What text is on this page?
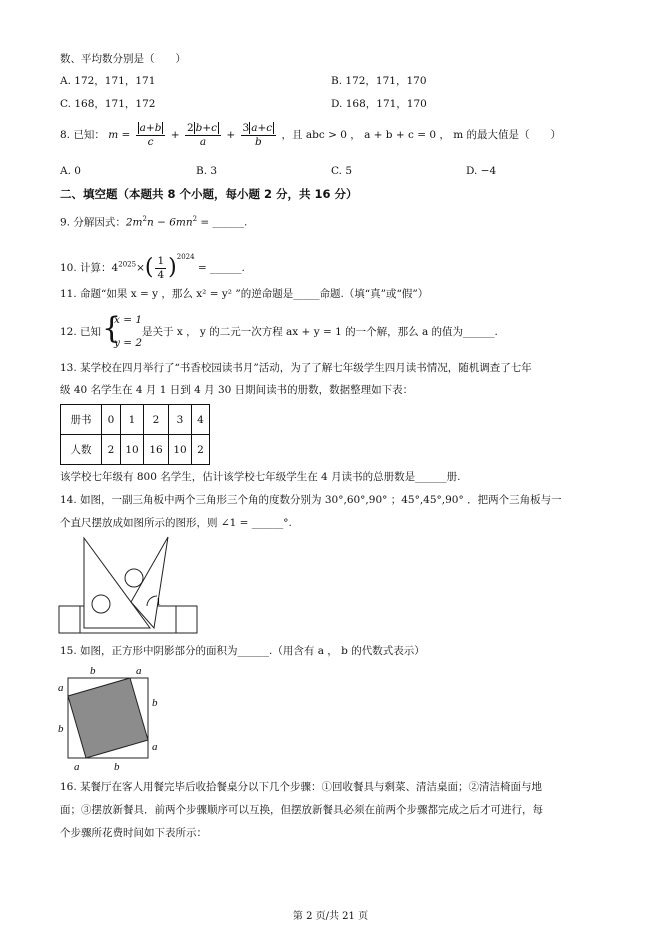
数、平均数分别是（　　）
A. 172，171，171	B. 172，171，170
C. 168，171，172	D. 168，171，170
8. 已知： $m = \frac{a+b}{c} + \frac{2 b+c}{a} + \frac{3 a+c}{b}$ ，且 abc > 0 ， a + b + c = 0 ， m 的最大值是（　　）
A. 0	B. 3	C. 5	D. −4
二、填空题（本题共 8 个小题，每小题 2 分，共 16 分）
9. 分解因式：$2m^2n - 6mn^2$ = ______.
10. 计算：$4^{2025}\times( \frac{1}{4} )^{2024}$ = ______.
11. 命题“如果 x = y ，那么 x² = y² ”的逆命题是_____命题.（填“真”或“假”）
12. 已知 {
x = 1
y = 2
是关于 x ， y 的二元一次方程 ax + y = 1 的一个解，那么 a 的值为______.
13. 某学校在四月举行了“书香校园读书月”活动，为了了解七年级学生四月读书情况，随机调查了七年
级 40 名学生在 4 月 1 日到 4 月 30 日期间读书的册数，数据整理如下表：
册书	0	1	2	3	4
人数	2	10	16	10	2
该学校七年级有 800 名学生，估计该学校七年级学生在 4 月读书的总册数是______册.
14. 如图，一副三角板中两个三角形三个角的度数分别为 30°,60°,90° ；45°,45°,90° ．把两个三角板与一
个直尺摆放成如图所示的图形，则 ∠1 = ______°.
1
15. 如图，正方形中阴影部分的面积为______.（用含有 a ， b 的代数式表示）
b	a
a
b
b
a
a	b
16. 某餐厅在客人用餐完毕后收拾餐桌分以下几个步骤：①回收餐具与剩菜、清洁桌面；②清洁椅面与地
面；③摆放新餐具．前两个步骤顺序可以互换，但摆放新餐具必须在前两个步骤都完成之后才可进行，每
个步骤所花费时间如下表所示：
第 2 页/共 21 页
